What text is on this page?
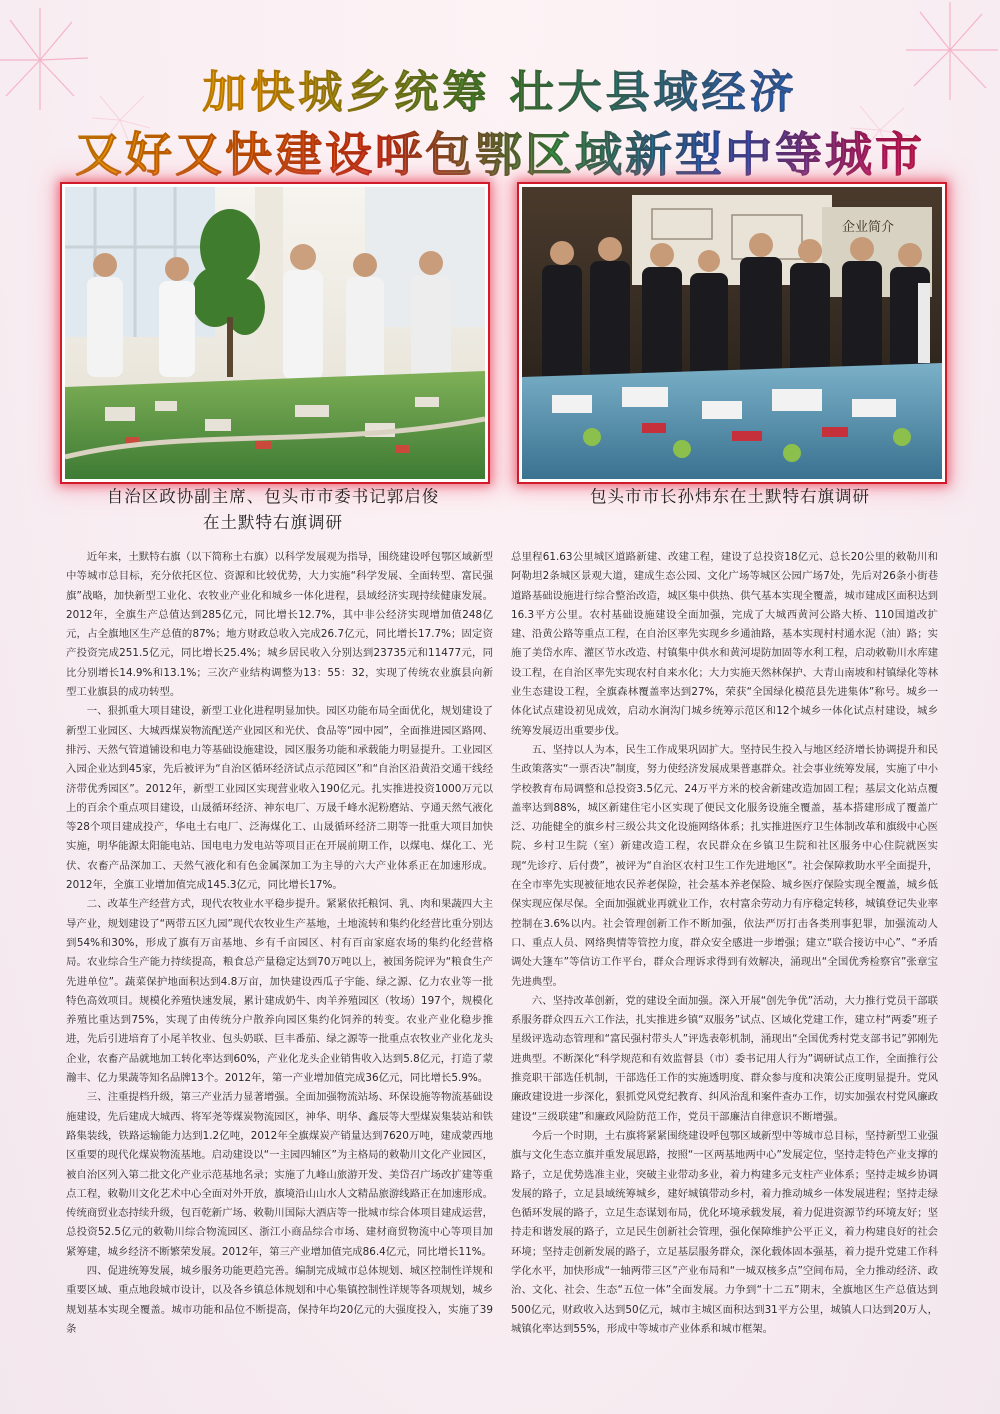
加快城乡统筹 壮大县域经济
又好又快建设呼包鄂区域新型中等城市
企业简介
自治区政协副主席、包头市市委书记郭启俊
在土默特右旗调研
包头市市长孙炜东在土默特右旗调研

近年来，土默特右旗（以下简称土右旗）以科学发展观为指导，围绕建设呼包鄂区域新型中等城市总目标，充分依托区位、资源和比较优势，大力实施“科学发展、全面转型、富民强旗”战略，加快新型工业化、农牧业产业化和城乡一体化进程，县域经济实现持续健康发展。2012年，全旗生产总值达到285亿元，同比增长12.7%，其中非公经济实现增加值248亿元，占全旗地区生产总值的87%；地方财政总收入完成26.7亿元，同比增长17.7%；固定资产投资完成251.5亿元，同比增长25.4%；城乡居民收入分别达到23735元和11477元，同比分别增长14.9%和13.1%；三次产业结构调整为13：55：32，实现了传统农业旗县向新型工业旗县的成功转型。

一、狠抓重大项目建设，新型工业化进程明显加快。园区功能布局全面优化，规划建设了新型工业园区、大城西煤炭物流配送产业园区和光伏、食品等“园中园”，全面推进园区路网、排污、天然气管道铺设和电力等基础设施建设，园区服务功能和承载能力明显提升。工业园区入园企业达到45家，先后被评为“自治区循环经济试点示范园区”和“自治区沿黄沿交通干线经济带优秀园区”。2012年，新型工业园区实现营业收入190亿元。扎实推进投资1000万元以上的百余个重点项目建设，山晟循环经济、神东电厂、万晟千峰水泥粉磨站、亨通天然气液化等28个项目建成投产，华电土右电厂、泛海煤化工、山晟循环经济二期等一批重大项目加快实施，明华能源太阳能电站、国电电力发电站等项目正在开展前期工作，以煤电、煤化工、光伏、农畜产品深加工、天然气液化和有色金属深加工为主导的六大产业体系正在加速形成。2012年，全旗工业增加值完成145.3亿元，同比增长17%。

二、改革生产经营方式，现代农牧业水平稳步提升。紧紧依托粮饲、乳、肉和果蔬四大主导产业，规划建设了“两带五区九园”现代农牧业生产基地，土地流转和集约化经营比重分别达到54%和30%，形成了旗有万亩基地、乡有千亩园区、村有百亩家庭农场的集约化经营格局。农业综合生产能力持续提高，粮食总产量稳定达到70万吨以上，被国务院评为“粮食生产先进单位”。蔬菜保护地面积达到4.8万亩，加快建设西瓜子宇能、绿之源、亿力农业等一批特色高效项目。规模化养殖快速发展，累计建成奶牛、肉羊养殖园区（牧场）197个，规模化养殖比重达到75%，实现了由传统分户散养向园区集约化饲养的转变。农业产业化稳步推进，先后引进培育了小尾羊牧业、包头奶联、巨丰番茄、绿之源等一批重点农牧业产业化龙头企业，农畜产品就地加工转化率达到60%，产业化龙头企业销售收入达到5.8亿元，打造了蒙瀚丰、亿力果蔬等知名品牌13个。2012年，第一产业增加值完成36亿元，同比增长5.9%。

三、注重提档升级，第三产业活力显著增强。全面加强物流站场、环保设施等物流基础设施建设，先后建成大城西、将军尧等煤炭物流园区，神华、明华、鑫辰等大型煤炭集装站和铁路集装线，铁路运输能力达到1.2亿吨，2012年全旗煤炭产销量达到7620万吨，建成蒙西地区重要的现代化煤炭物流基地。启动建设以“一主园四辅区”为主格局的敕勒川文化产业园区，被自治区列入第二批文化产业示范基地名录；实施了九峰山旅游开发、美岱召广场改扩建等重点工程，敕勒川文化艺术中心全面对外开放，旗境沿山山水人文精品旅游线路正在加速形成。传统商贸业态持续升级，包百乾新广场、敕勒川国际大酒店等一批城市综合体项目建成运营，总投资52.5亿元的敕勒川综合物流园区、浙江小商品综合市场、建材商贸物流中心等项目加紧筹建，城乡经济不断繁荣发展。2012年，第三产业增加值完成86.4亿元，同比增长11%。

四、促进统筹发展，城乡服务功能更趋完善。编制完成城市总体规划、城区控制性详规和重要区域、重点地段城市设计，以及各乡镇总体规划和中心集镇控制性详规等各项规划，城乡规划基本实现全覆盖。城市功能和品位不断提高，保持年均20亿元的大强度投入，实施了39条

总里程61.63公里城区道路新建、改建工程，建设了总投资18亿元、总长20公里的敕勒川和阿勒坦2条城区景观大道，建成生态公园、文化广场等城区公园广场7处，先后对26条小街巷道路基础设施进行综合整治改造，城区集中供热、供气基本实现全覆盖，城市建成区面积达到16.3平方公里。农村基础设施建设全面加强，完成了大城西黄河公路大桥、110国道改扩建、沿黄公路等重点工程，在自治区率先实现乡乡通油路，基本实现村村通水泥（油）路；实施了美岱水库、灌区节水改造、村镇集中供水和黄河堤防加固等水利工程，启动敕勒川水库建设工程，在自治区率先实现农村自来水化；大力实施天然林保护、大青山南坡和村镇绿化等林业生态建设工程，全旗森林覆盖率达到27%，荣获“全国绿化模范县先进集体”称号。城乡一体化试点建设初见成效，启动水涧沟门城乡统筹示范区和12个城乡一体化试点村建设，城乡统筹发展迈出重要步伐。

五、坚持以人为本，民生工作成果巩固扩大。坚持民生投入与地区经济增长协调提升和民生政策落实“一票否决”制度，努力使经济发展成果普惠群众。社会事业统筹发展，实施了中小学校教育布局调整和总投资3.5亿元、24万平方米的校舍新建改造加固工程；基层文化站点覆盖率达到88%，城区新建住宅小区实现了便民文化服务设施全覆盖，基本搭建形成了覆盖广泛、功能健全的旗乡村三级公共文化设施网络体系；扎实推进医疗卫生体制改革和旗级中心医院、乡村卫生院（室）新建改造工程，农民群众在乡镇卫生院和社区服务中心住院就医实现“先诊疗、后付费”，被评为“自治区农村卫生工作先进地区”。社会保障救助水平全面提升，在全市率先实现被征地农民养老保险，社会基本养老保险、城乡医疗保险实现全覆盖，城乡低保实现应保尽保。全面加强就业再就业工作，农村富余劳动力有序稳定转移，城镇登记失业率控制在3.6%以内。社会管理创新工作不断加强，依法严厉打击各类刑事犯罪，加强流动人口、重点人员、网络舆情等管控力度，群众安全感进一步增强；建立“联合接访中心”、“矛盾调处大篷车”等信访工作平台，群众合理诉求得到有效解决，涌现出“全国优秀检察官”张章宝先进典型。

六、坚持改革创新，党的建设全面加强。深入开展“创先争优”活动，大力推行党员干部联系服务群众四五六工作法，扎实推进乡镇“双服务”试点、区域化党建工作，建立村“两委”班子星级评选动态管理和“富民强村带头人”评选表彰机制，涌现出“全国优秀村党支部书记”郭刚先进典型。不断深化“科学规范和有效监督县（市）委书记用人行为”调研试点工作，全面推行公推竞职干部选任机制，干部选任工作的实施透明度、群众参与度和决策公正度明显提升。党风廉政建设进一步深化，狠抓党风党纪教育、纠风治乱和案件查办工作，切实加强农村党风廉政建设“三级联建”和廉政风险防范工作，党员干部廉洁自律意识不断增强。

今后一个时期，土右旗将紧紧围绕建设呼包鄂区域新型中等城市总目标，坚持新型工业强旗与文化生态立旗并重发展思路，按照“一区两基地两中心”发展定位，坚持走特色产业支撑的路子，立足优势选准主业，突破主业带动多业，着力构建多元支柱产业体系；坚持走城乡协调发展的路子，立足县域统筹城乡，建好城镇带动乡村，着力推动城乡一体发展进程；坚持走绿色循环发展的路子，立足生态谋划布局，优化环境承载发展，着力促进资源节约环境友好；坚持走和谐发展的路子，立足民生创新社会管理，强化保障维护公平正义，着力构建良好的社会环境；坚持走创新发展的路子，立足基层服务群众，深化载体固本强基，着力提升党建工作科学化水平，加快形成“一轴两带三区”产业布局和“一城双核多点”空间布局，全力推动经济、政治、文化、社会、生态“五位一体”全面发展。力争到“十二五”期末，全旗地区生产总值达到500亿元，财政收入达到50亿元，城市主城区面积达到31平方公里，城镇人口达到20万人，城镇化率达到55%，形成中等城市产业体系和城市框架。
